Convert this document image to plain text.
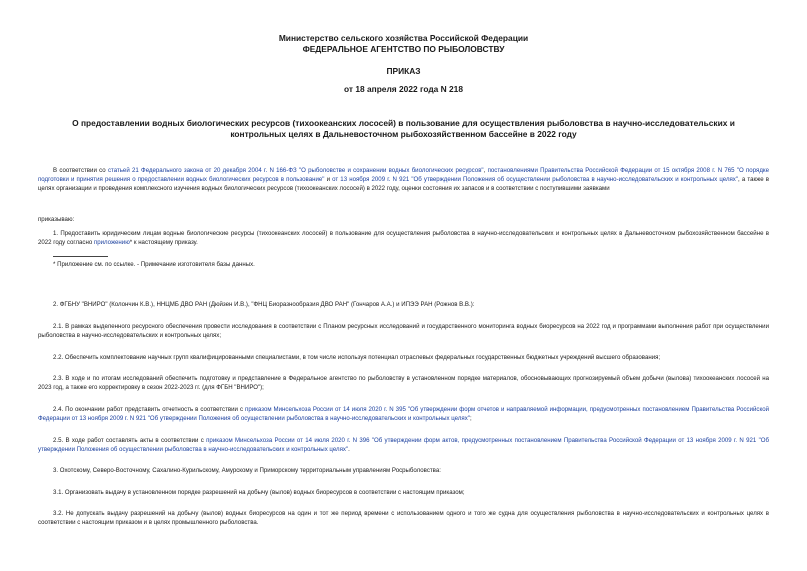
Министерство сельского хозяйства Российской Федерации
ФЕДЕРАЛЬНОЕ АГЕНТСТВО ПО РЫБОЛОВСТВУ
ПРИКАЗ
от 18 апреля 2022 года N 218
О предоставлении водных биологических ресурсов (тихоокеанских лососей) в пользование для осуществления рыболовства в научно-исследовательских и
контрольных целях в Дальневосточном рыбохозяйственном бассейне в 2022 году
В соответствии со статьей 21 Федерального закона от 20 декабря 2004 г. N 166-ФЗ "О рыболовстве и сохранении водных биологических ресурсов", постановлениями Правительства Российской Федерации от 15 октября 2008 г. N 765 "О порядке подготовки и принятия решения о предоставлении водных биологических ресурсов в пользование" и от 13 ноября 2009 г. N 921 "Об утверждении Положения об осуществлении рыболовства в научно-исследовательских и контрольных целях", а также в целях организации и проведения комплексного изучения водных биологических ресурсов (тихоокеанских лососей) в 2022 году, оценки состояния их запасов и в соответствии с поступившими заявками
приказываю:
1. Предоставить юридическим лицам водные биологические ресурсы (тихоокеанских лососей) в пользование для осуществления рыболовства в научно-исследовательских и контрольных целях в Дальневосточном рыбохозяйственном бассейне в 2022 году согласно приложению* к настоящему приказу.
* Приложение см. по ссылке. - Примечание изготовителя базы данных.
2. ФГБНУ "ВНИРО" (Колончин К.В.), ННЦМБ ДВО РАН (Дюйзен И.В.), "ФНЦ Биоразнообразия ДВО РАН" (Гончаров А.А.) и ИПЭЭ РАН (Рожнов В.В.):
2.1. В рамках выделенного ресурсного обеспечения провести исследования в соответствии с Планом ресурсных исследований и государственного мониторинга водных биоресурсов на 2022 год и программами выполнения работ при осуществлении рыболовства в научно-исследовательских и контрольных целях;
2.2. Обеспечить комплектование научных групп квалифицированными специалистами, в том числе используя потенциал отраслевых федеральных государственных бюджетных учреждений высшего образования;
2.3. В ходе и по итогам исследований обеспечить подготовку и представление в Федеральное агентство по рыболовству в установленном порядке материалов, обосновывающих прогнозируемый объем добычи (вылова) тихоокеанских лососей на 2023 год, а также его корректировку в сезон 2022-2023 гг. (для ФГБН "ВНИРО");
2.4. По окончании работ представить отчетность в соответствии с приказом Минсельхоза России от 14 июля 2020 г. N 395 "Об утверждении форм отчетов и направляемой информации, предусмотренных постановлением Правительства Российской Федерации от 13 ноября 2009 г. N 921 "Об утверждении Положения об осуществлении рыболовства в научно-исследовательских и контрольных целях";
2.5. В ходе работ составлять акты в соответствии с приказом Минсельхоза России от 14 июля 2020 г. N 396 "Об утверждении форм актов, предусмотренных постановлением Правительства Российской Федерации от 13 ноября 2009 г. N 921 "Об утверждении Положения об осуществлении рыболовства в научно-исследовательских и контрольных целях".
3. Охотскому, Северо-Восточному, Сахалино-Курильскому, Амурскому и Приморскому территориальным управлениям Росрыболовства:
3.1. Организовать выдачу в установленном порядке разрешений на добычу (вылов) водных биоресурсов в соответствии с настоящим приказом;
3.2. Не допускать выдачу разрешений на добычу (вылов) водных биоресурсов на один и тот же период времени с использованием одного и того же судна для осуществления рыболовства в научно-исследовательских и контрольных целях в соответствии с настоящим приказом и в целях промышленного рыболовства.
